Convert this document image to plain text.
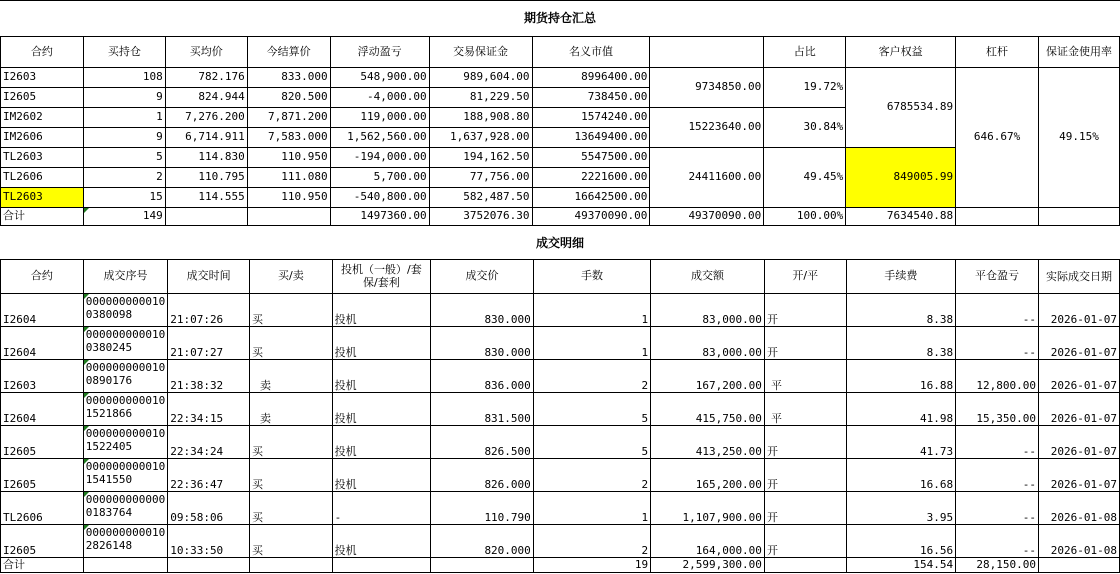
期货持仓汇总											
合约	买持仓	买均价	今结算价	浮动盈亏	交易保证金	名义市值		占比	客户权益	杠杆	保证金使用率
I2603	108	782.176	833.000	548,900.00	989,604.00	8996400.00	9734850.00	19.72%	6785534.89	646.67%	49.15%
I2605	9	824.944	820.500	-4,000.00	81,229.50	738450.00					
IM2602	1	7,276.200	7,871.200	119,000.00	188,908.80	1574240.00	15223640.00	30.84%			
IM2606	9	6,714.911	7,583.000	1,562,560.00	1,637,928.00	13649400.00					
TL2603	5	114.830	110.950	-194,000.00	194,162.50	5547500.00	24411600.00	49.45%	849005.99		
TL2606	2	110.795	111.080	5,700.00	77,756.00	2221600.00					
TL2603	15	114.555	110.950	-540,800.00	582,487.50	16642500.00					
合计	149			1497360.00	3752076.30	49370090.00	49370090.00	100.00%	7634540.88		
成交明细											
合约	成交序号	成交时间	买/卖	投机（一般）/套保/套利	成交价	手数	成交额	开/平	手续费	平仓盈亏	实际成交日期
I2604	000000000010
0380098	21:07:26	买	投机	830.000	1	83,000.00	开	8.38	--	2026-01-07
I2604	000000000010
0380245	21:07:27	买	投机	830.000	1	83,000.00	开	8.38	--	2026-01-07
I2603	000000000010
0890176	21:38:32	卖	投机	836.000	2	167,200.00	平	16.88	12,800.00	2026-01-07
I2604	000000000010
1521866	22:34:15	卖	投机	831.500	5	415,750.00	平	41.98	15,350.00	2026-01-07
I2605	000000000010
1522405	22:34:24	买	投机	826.500	5	413,250.00	开	41.73	--	2026-01-07
I2605	000000000010
1541550	22:36:47	买	投机	826.000	2	165,200.00	开	16.68	--	2026-01-07
TL2606	000000000000
0183764	09:58:06	买	-	110.790	1	1,107,900.00	开	3.95	--	2026-01-08
I2605	000000000010
2826148	10:33:50	买	投机	820.000	2	164,000.00	开	16.56	--	2026-01-08
合计						19	2,599,300.00		154.54	28,150.00	
